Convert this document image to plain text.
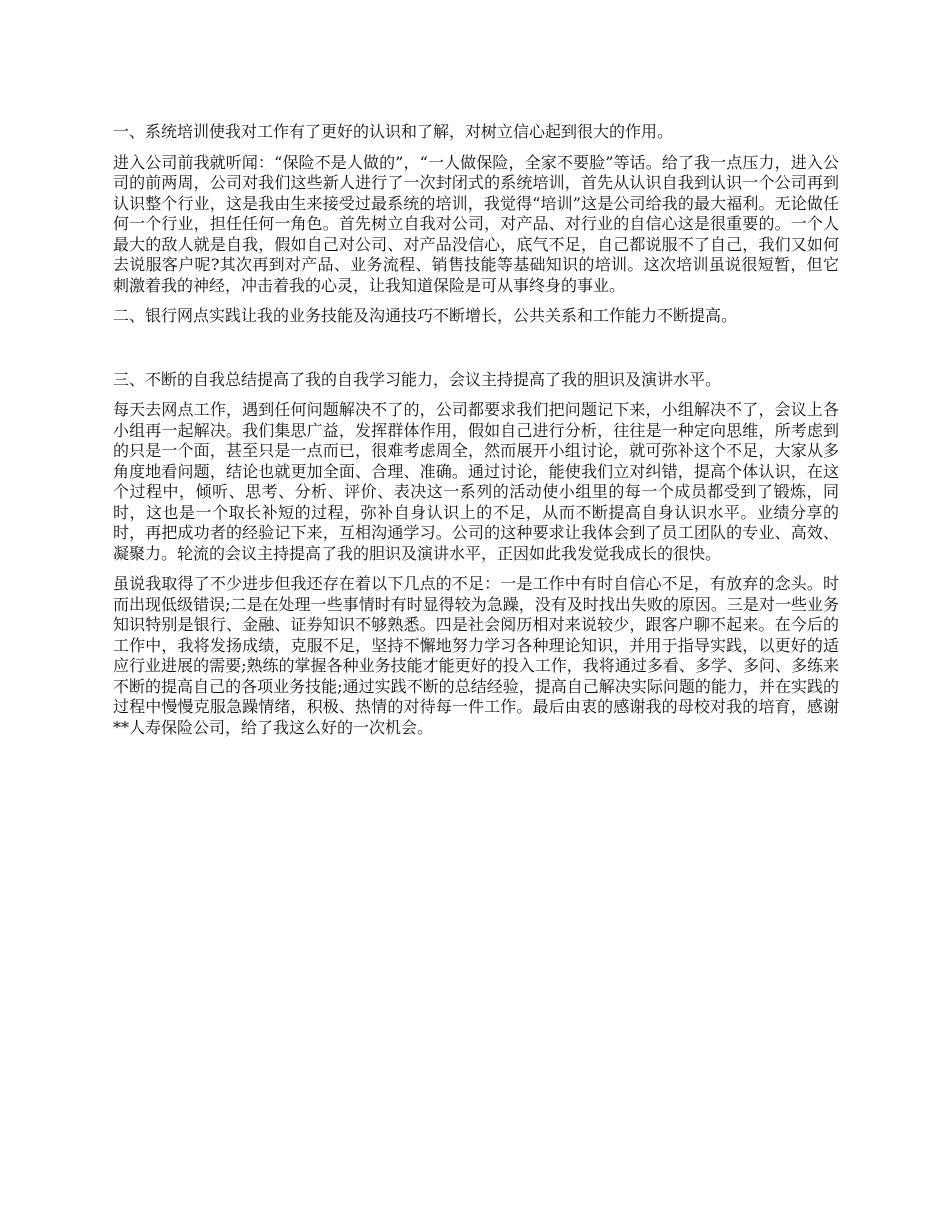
一、系统培训使我对工作有了更好的认识和了解，对树立信心起到很大的作用。

进入公司前我就听闻：“保险不是人做的”，“一人做保险，全家不要脸”等话。给了我一点压力，进入公司的前两周，公司对我们这些新人进行了一次封闭式的系统培训，首先从认识自我到认识一个公司再到认识整个行业，这是我由生来接受过最系统的培训，我觉得“培训”这是公司给我的最大福利。无论做任何一个行业，担任任何一角色。首先树立自我对公司，对产品、对行业的自信心这是很重要的。一个人最大的敌人就是自我，假如自己对公司、对产品没信心，底气不足，自己都说服不了自己，我们又如何去说服客户呢?其次再到对产品、业务流程、销售技能等基础知识的培训。这次培训虽说很短暂，但它刺激着我的神经，冲击着我的心灵，让我知道保险是可从事终身的事业。

二、银行网点实践让我的业务技能及沟通技巧不断增长，公共关系和工作能力不断提高。

三、不断的自我总结提高了我的自我学习能力，会议主持提高了我的胆识及演讲水平。

每天去网点工作，遇到任何问题解决不了的，公司都要求我们把问题记下来，小组解决不了，会议上各小组再一起解决。我们集思广益，发挥群体作用，假如自己进行分析，往往是一种定向思维，所考虑到的只是一个面，甚至只是一点而已，很难考虑周全，然而展开小组讨论，就可弥补这个不足，大家从多角度地看问题，结论也就更加全面、合理、准确。通过讨论，能使我们立对纠错，提高个体认识，在这个过程中，倾听、思考、分析、评价、表决这一系列的活动使小组里的每一个成员都受到了锻炼，同时，这也是一个取长补短的过程，弥补自身认识上的不足，从而不断提高自身认识水平。业绩分享的时，再把成功者的经验记下来，互相沟通学习。公司的这种要求让我体会到了员工团队的专业、高效、凝聚力。轮流的会议主持提高了我的胆识及演讲水平，正因如此我发觉我成长的很快。

虽说我取得了不少进步但我还存在着以下几点的不足：一是工作中有时自信心不足，有放弃的念头。时而出现低级错误;二是在处理一些事情时有时显得较为急躁，没有及时找出失败的原因。三是对一些业务知识特别是银行、金融、证券知识不够熟悉。四是社会阅历相对来说较少，跟客户聊不起来。在今后的工作中，我将发扬成绩，克服不足，坚持不懈地努力学习各种理论知识，并用于指导实践，以更好的适应行业进展的需要;熟练的掌握各种业务技能才能更好的投入工作，我将通过多看、多学、多问、多练来不断的提高自己的各项业务技能;通过实践不断的总结经验，提高自己解决实际问题的能力，并在实践的过程中慢慢克服急躁情绪，积极、热情的对待每一件工作。最后由衷的感谢我的母校对我的培育，感谢**人寿保险公司，给了我这么好的一次机会。
